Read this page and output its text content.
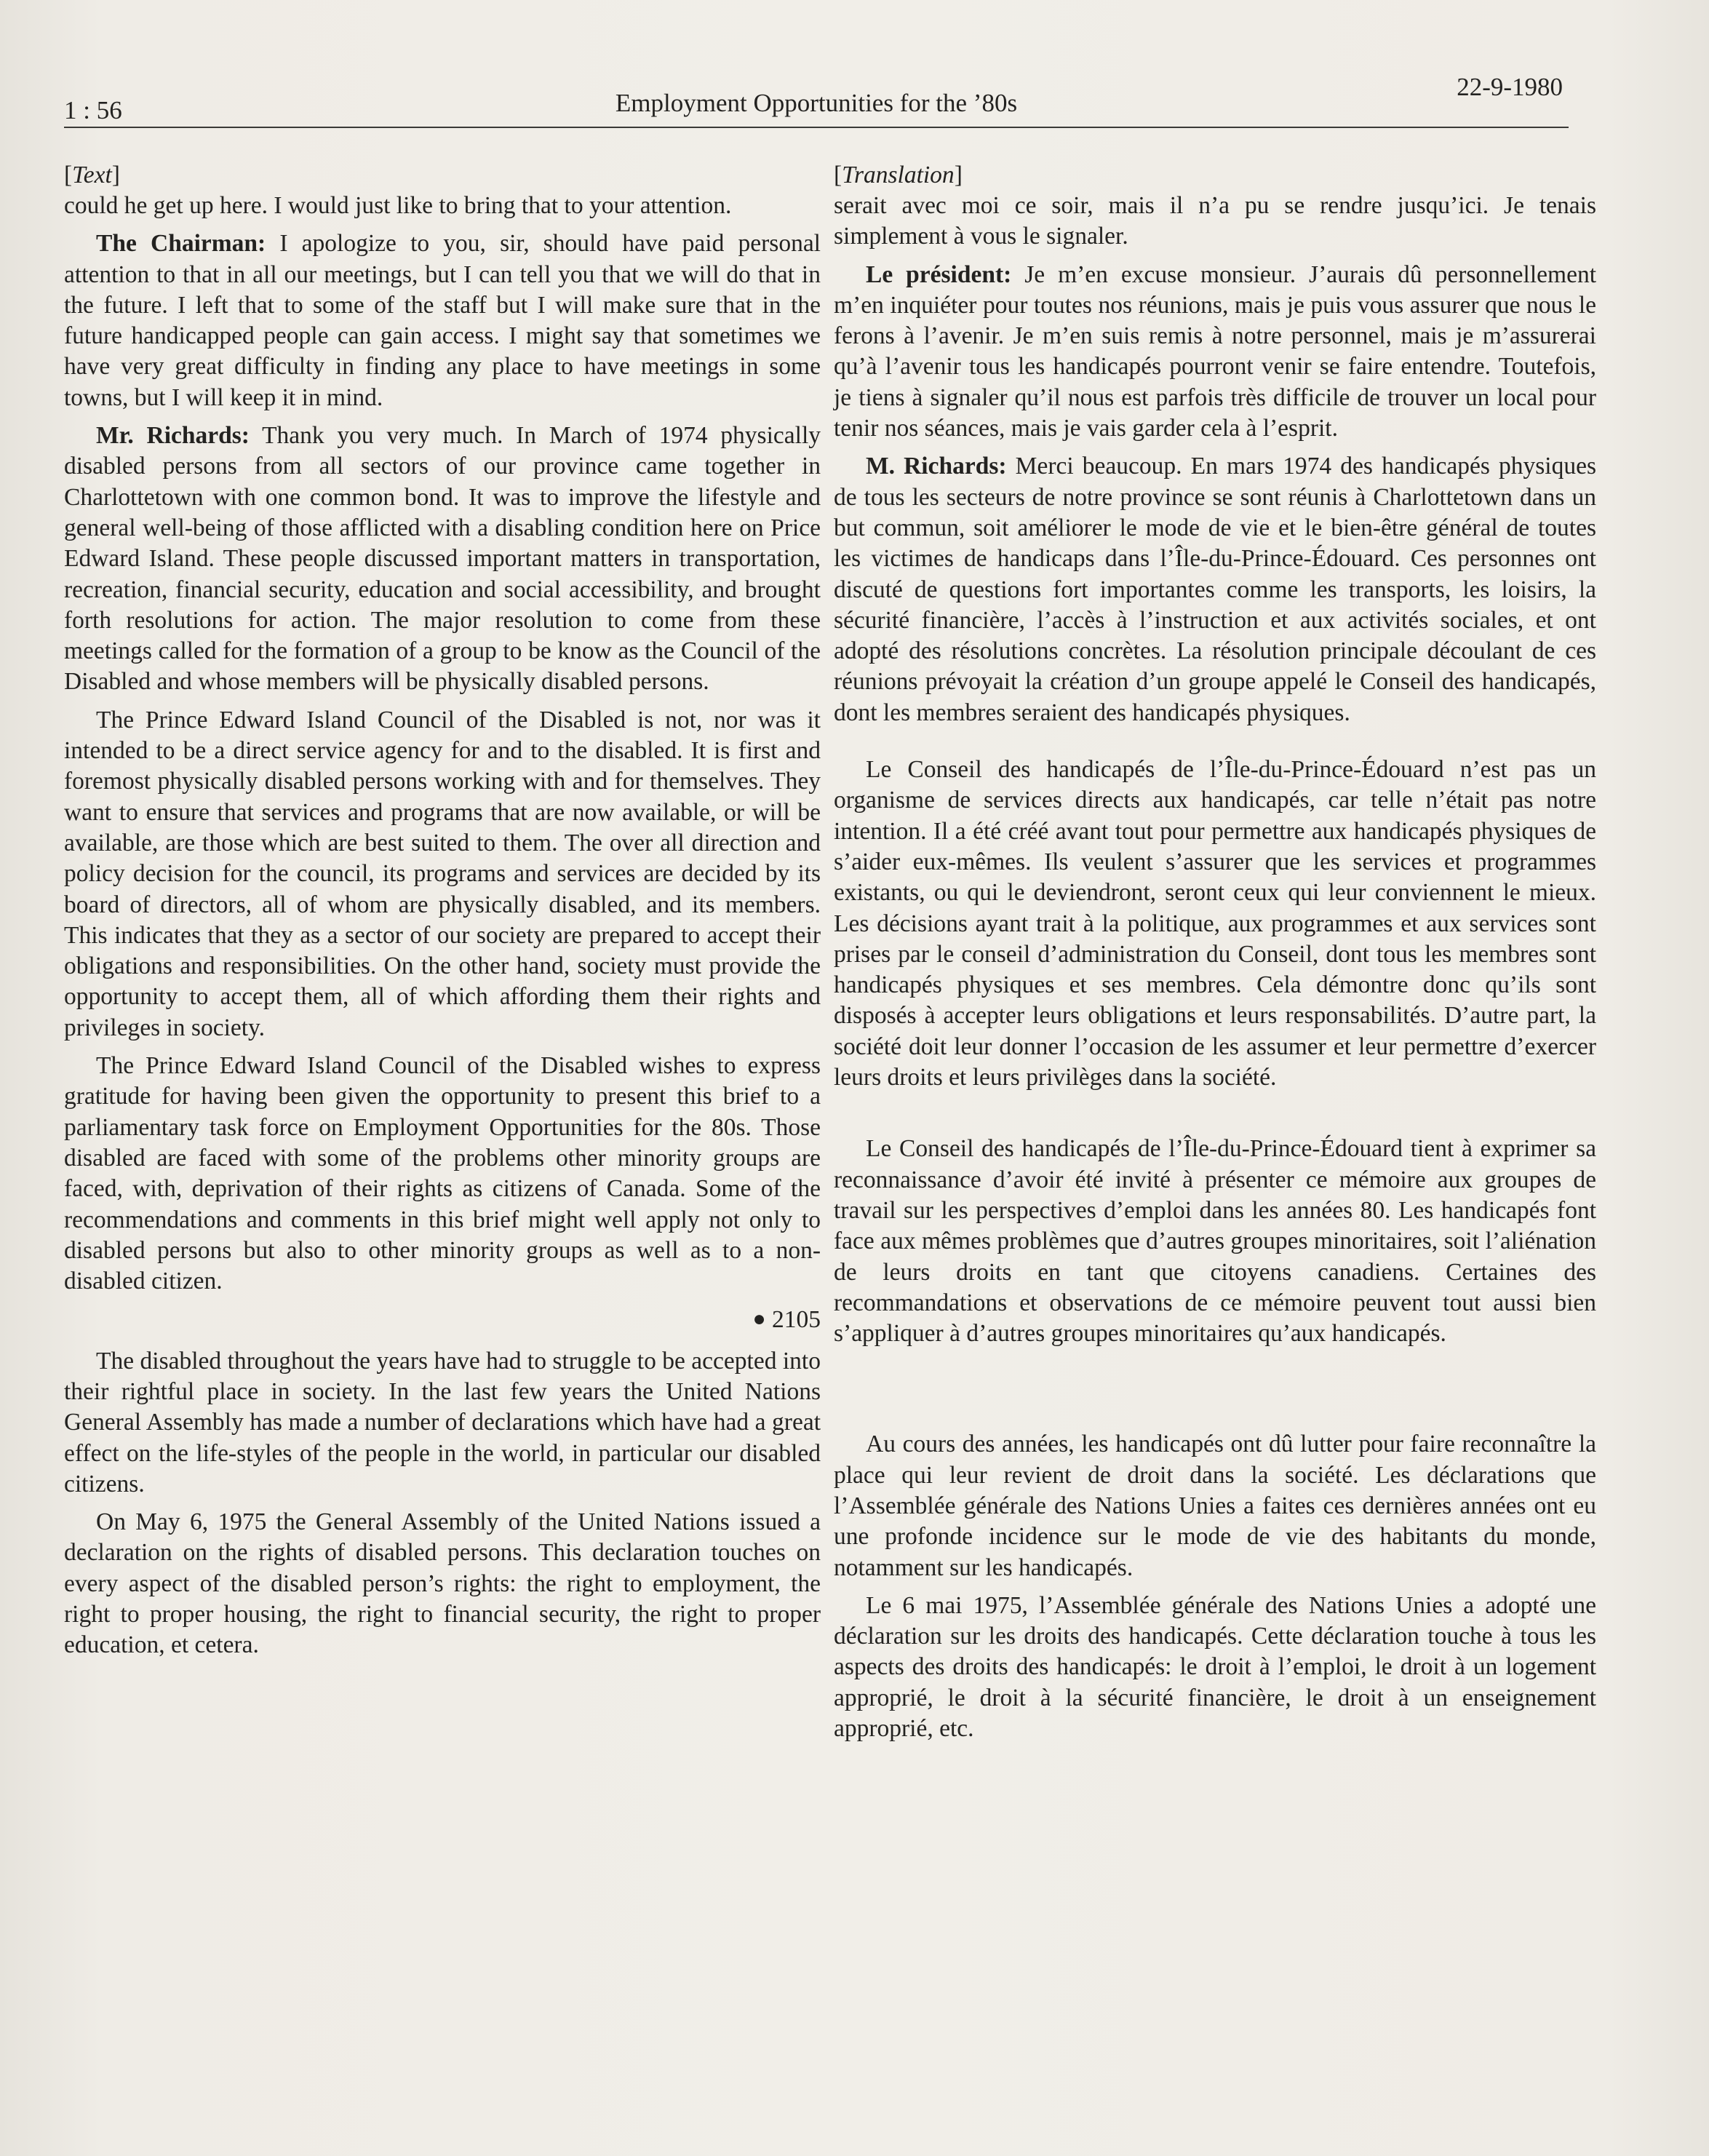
1 : 56	Employment Opportunities for the ’80s
22-9-1980
[Text]

could he get up here. I would just like to bring that to your attention.

The Chairman: I apologize to you, sir, should have paid personal attention to that in all our meetings, but I can tell you that we will do that in the future. I left that to some of the staff but I will make sure that in the future handicapped people can gain access. I might say that sometimes we have very great difficulty in finding any place to have meetings in some towns, but I will keep it in mind.

Mr. Richards: Thank you very much. In March of 1974 physically disabled persons from all sectors of our province came together in Charlottetown with one common bond. It was to improve the lifestyle and general well-being of those afflicted with a disabling condition here on Price Edward Island. These people discussed important matters in transportation, recreation, financial security, education and social accessibility, and brought forth resolutions for action. The major resolution to come from these meetings called for the formation of a group to be know as the Council of the Disabled and whose members will be physically disabled persons.

The Prince Edward Island Council of the Disabled is not, nor was it intended to be a direct service agency for and to the disabled. It is first and foremost physically disabled persons working with and for themselves. They want to ensure that services and programs that are now available, or will be available, are those which are best suited to them. The over all direction and policy decision for the council, its programs and services are decided by its board of directors, all of whom are physically disabled, and its members. This indicates that they as a sector of our society are prepared to accept their obligations and responsibilities. On the other hand, society must provide the opportunity to accept them, all of which affording them their rights and privileges in society.

The Prince Edward Island Council of the Disabled wishes to express gratitude for having been given the opportunity to present this brief to a parliamentary task force on Employment Opportunities for the 80s. Those disabled are faced with some of the problems other minority groups are faced, with, deprivation of their rights as citizens of Canada. Some of the recommendations and comments in this brief might well apply not only to disabled persons but also to other minority groups as well as to a non-disabled citizen.

● 2105

The disabled throughout the years have had to struggle to be accepted into their rightful place in society. In the last few years the United Nations General Assembly has made a number of declarations which have had a great effect on the life-styles of the people in the world, in particular our disabled citizens.

On May 6, 1975 the General Assembly of the United Nations issued a declaration on the rights of disabled persons. This declaration touches on every aspect of the disabled person’s rights: the right to employment, the right to proper housing, the right to financial security, the right to proper education, et cetera.

[Translation]

serait avec moi ce soir, mais il n’a pu se rendre jusqu’ici. Je tenais simplement à vous le signaler.

Le président: Je m’en excuse monsieur. J’aurais dû personnellement m’en inquiéter pour toutes nos réunions, mais je puis vous assurer que nous le ferons à l’avenir. Je m’en suis remis à notre personnel, mais je m’assurerai qu’à l’avenir tous les handicapés pourront venir se faire entendre. Toutefois, je tiens à signaler qu’il nous est parfois très difficile de trouver un local pour tenir nos séances, mais je vais garder cela à l’esprit.

M. Richards: Merci beaucoup. En mars 1974 des handicapés physiques de tous les secteurs de notre province se sont réunis à Charlottetown dans un but commun, soit améliorer le mode de vie et le bien-être général de toutes les victimes de handicaps dans l’Île-du-Prince-Édouard. Ces personnes ont discuté de questions fort importantes comme les transports, les loisirs, la sécurité financière, l’accès à l’instruction et aux activités sociales, et ont adopté des résolutions concrètes. La résolution principale découlant de ces réunions prévoyait la création d’un groupe appelé le Conseil des handicapés, dont les membres seraient des handicapés physiques.

Le Conseil des handicapés de l’Île-du-Prince-Édouard n’est pas un organisme de services directs aux handicapés, car telle n’était pas notre intention. Il a été créé avant tout pour permettre aux handicapés physiques de s’aider eux-mêmes. Ils veulent s’assurer que les services et programmes existants, ou qui le deviendront, seront ceux qui leur conviennent le mieux. Les décisions ayant trait à la politique, aux programmes et aux services sont prises par le conseil d’administration du Conseil, dont tous les membres sont handicapés physiques et ses membres. Cela démontre donc qu’ils sont disposés à accepter leurs obligations et leurs responsabilités. D’autre part, la société doit leur donner l’occasion de les assumer et leur permettre d’exercer leurs droits et leurs privilèges dans la société.

Le Conseil des handicapés de l’Île-du-Prince-Édouard tient à exprimer sa reconnaissance d’avoir été invité à présenter ce mémoire aux groupes de travail sur les perspectives d’emploi dans les années 80. Les handicapés font face aux mêmes problèmes que d’autres groupes minoritaires, soit l’aliénation de leurs droits en tant que citoyens canadiens. Certaines des recommandations et observations de ce mémoire peuvent tout aussi bien s’appliquer à d’autres groupes minoritaires qu’aux handicapés.

Au cours des années, les handicapés ont dû lutter pour faire reconnaître la place qui leur revient de droit dans la société. Les déclarations que l’Assemblée générale des Nations Unies a faites ces dernières années ont eu une profonde incidence sur le mode de vie des habitants du monde, notamment sur les handicapés.

Le 6 mai 1975, l’Assemblée générale des Nations Unies a adopté une déclaration sur les droits des handicapés. Cette déclaration touche à tous les aspects des droits des handicapés: le droit à l’emploi, le droit à un logement approprié, le droit à la sécurité financière, le droit à un enseignement approprié, etc.
